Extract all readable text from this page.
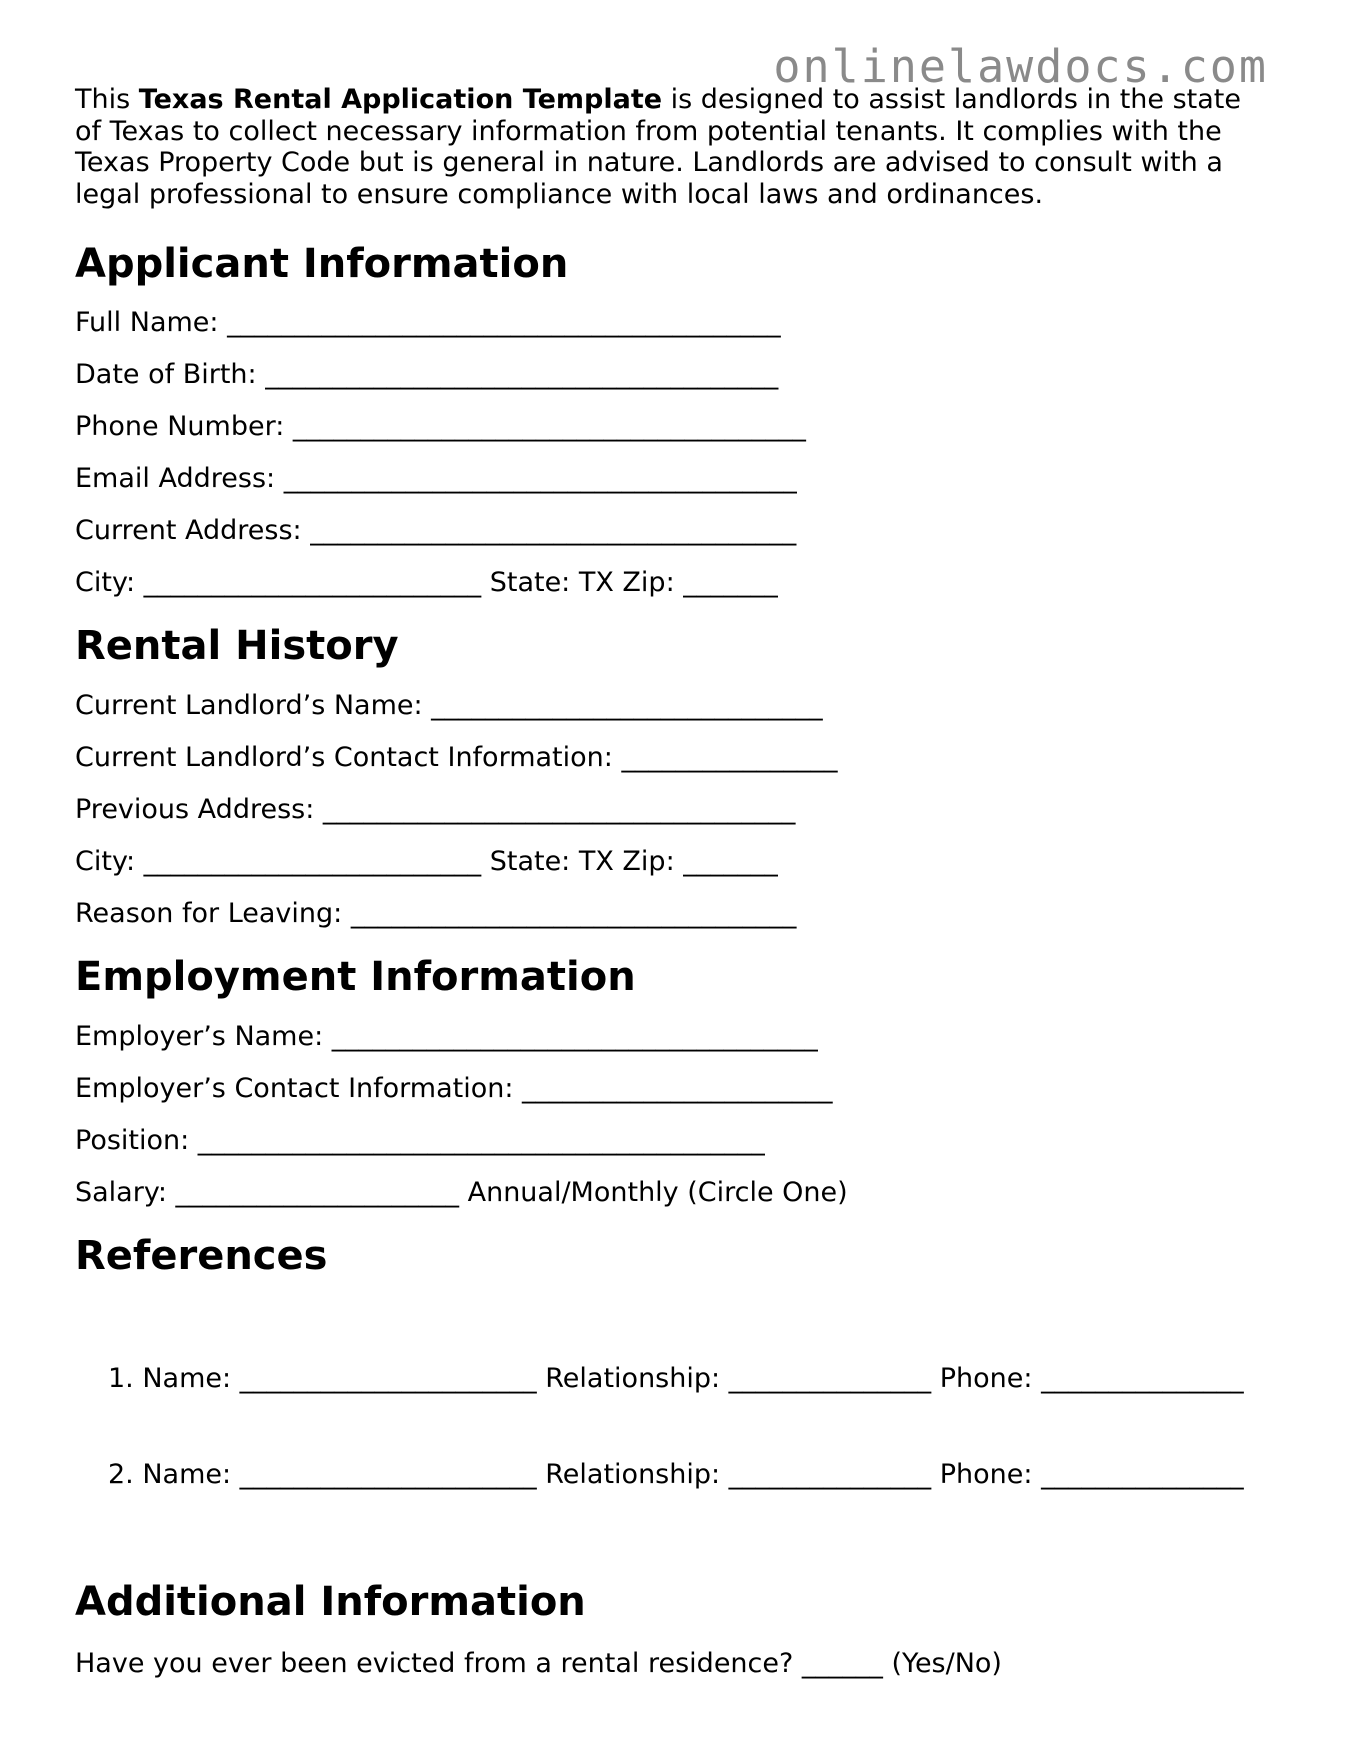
onlinelawdocs.com

This Texas Rental Application Template is designed to assist landlords in the state of Texas to collect necessary information from potential tenants. It complies with the Texas Property Code but is general in nature. Landlords are advised to consult with a legal professional to ensure compliance with local laws and ordinances.

Applicant Information

Full Name: _________________________________________

Date of Birth: ______________________________________

Phone Number: ______________________________________

Email Address: ______________________________________

Current Address: ____________________________________

City: _________________________ State: TX Zip: _______

Rental History

Current Landlord’s Name: _____________________________

Current Landlord’s Contact Information: ________________

Previous Address: ___________________________________

City: _________________________ State: TX Zip: _______

Reason for Leaving: _________________________________

Employment Information

Employer’s Name: ____________________________________

Employer’s Contact Information: _______________________

Position: __________________________________________

Salary: _____________________ Annual/Monthly (Circle One)

References

1. Name: ______________________ Relationship: _______________ Phone: _______________

2. Name: ______________________ Relationship: _______________ Phone: _______________

Additional Information

Have you ever been evicted from a rental residence? ______ (Yes/No)
